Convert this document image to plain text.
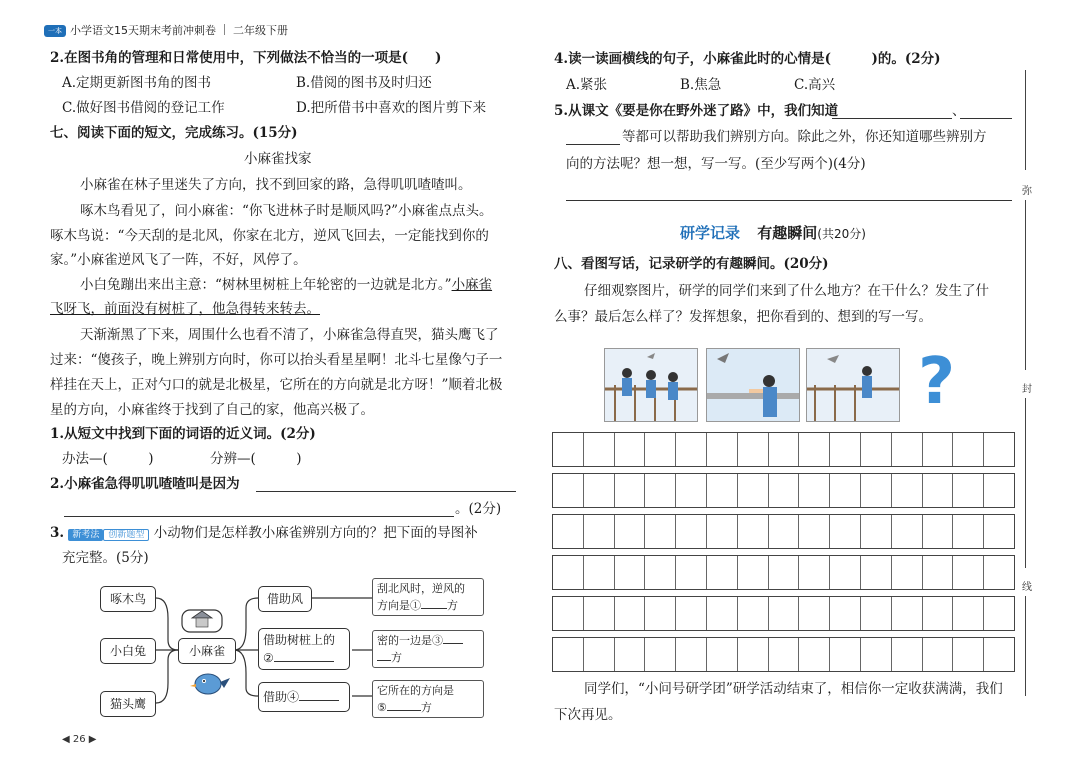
一本 小学语文15天期末考前冲刺卷 二年级下册
2.在图书角的管理和日常使用中，下列做法不恰当的一项是(　　)
A.定期更新图书角的图书	B.借阅的图书及时归还
C.做好图书借阅的登记工作	D.把所借书中喜欢的图片剪下来
七、阅读下面的短文，完成练习。(15分)
小麻雀找家
小麻雀在林子里迷失了方向，找不到回家的路，急得叽叽喳喳叫。
啄木鸟看见了，问小麻雀：“你飞进林子时是顺风吗?”小麻雀点点头。
啄木鸟说：“今天刮的是北风，你家在北方，逆风飞回去，一定能找到你的
家。”小麻雀逆风飞了一阵，不好，风停了。
小白兔蹦出来出主意：“树林里树桩上年轮密的一边就是北方。”小麻雀
飞呀飞，前面没有树桩了，他急得转来转去。
天渐渐黑了下来，周围什么也看不清了，小麻雀急得直哭，猫头鹰飞了
过来：“傻孩子，晚上辨别方向时，你可以抬头看星星啊！北斗七星像勺子一
样挂在天上，正对勺口的就是北极星，它所在的方向就是北方呀！”顺着北极
星的方向，小麻雀终于找到了自己的家，他高兴极了。
1.从短文中找到下面的词语的近义词。(2分)
办法—(　　　)	分辨—(　　　)
2.小麻雀急得叽叽喳喳叫是因为
。(2分)
3. 新考法 创新题型 小动物们是怎样教小麻雀辨别方向的？把下面的导图补
充完整。(5分)
啄木鸟
小白兔
猫头鹰
小麻雀
借助风
借助树桩上的
②
借助④
刮北风时，逆风的
方向是① 方
密的一边是③
方
它所在的方向是
⑤	方
◀ 26 ▶
4.读一读画横线的句子，小麻雀此时的心情是(　　　)的。(2分)
A.紧张	B.焦急	C.高兴
5.从课文《要是你在野外迷了路》中，我们知道	、
等都可以帮助我们辨别方向。除此之外，你还知道哪些辨别方
向的方法呢？想一想，写一写。(至少写两个)(4分)
研学记录 有趣瞬间(共20分)
八、看图写话，记录研学的有趣瞬间。(20分)
仔细观察图片，研学的同学们来到了什么地方？在干什么？发生了什
么事？最后怎么样了？发挥想象，把你看到的、想到的写一写。
?
同学们，“小问号研学团”研学活动结束了，相信你一定收获满满，我们
下次再见。
弥
封
线
